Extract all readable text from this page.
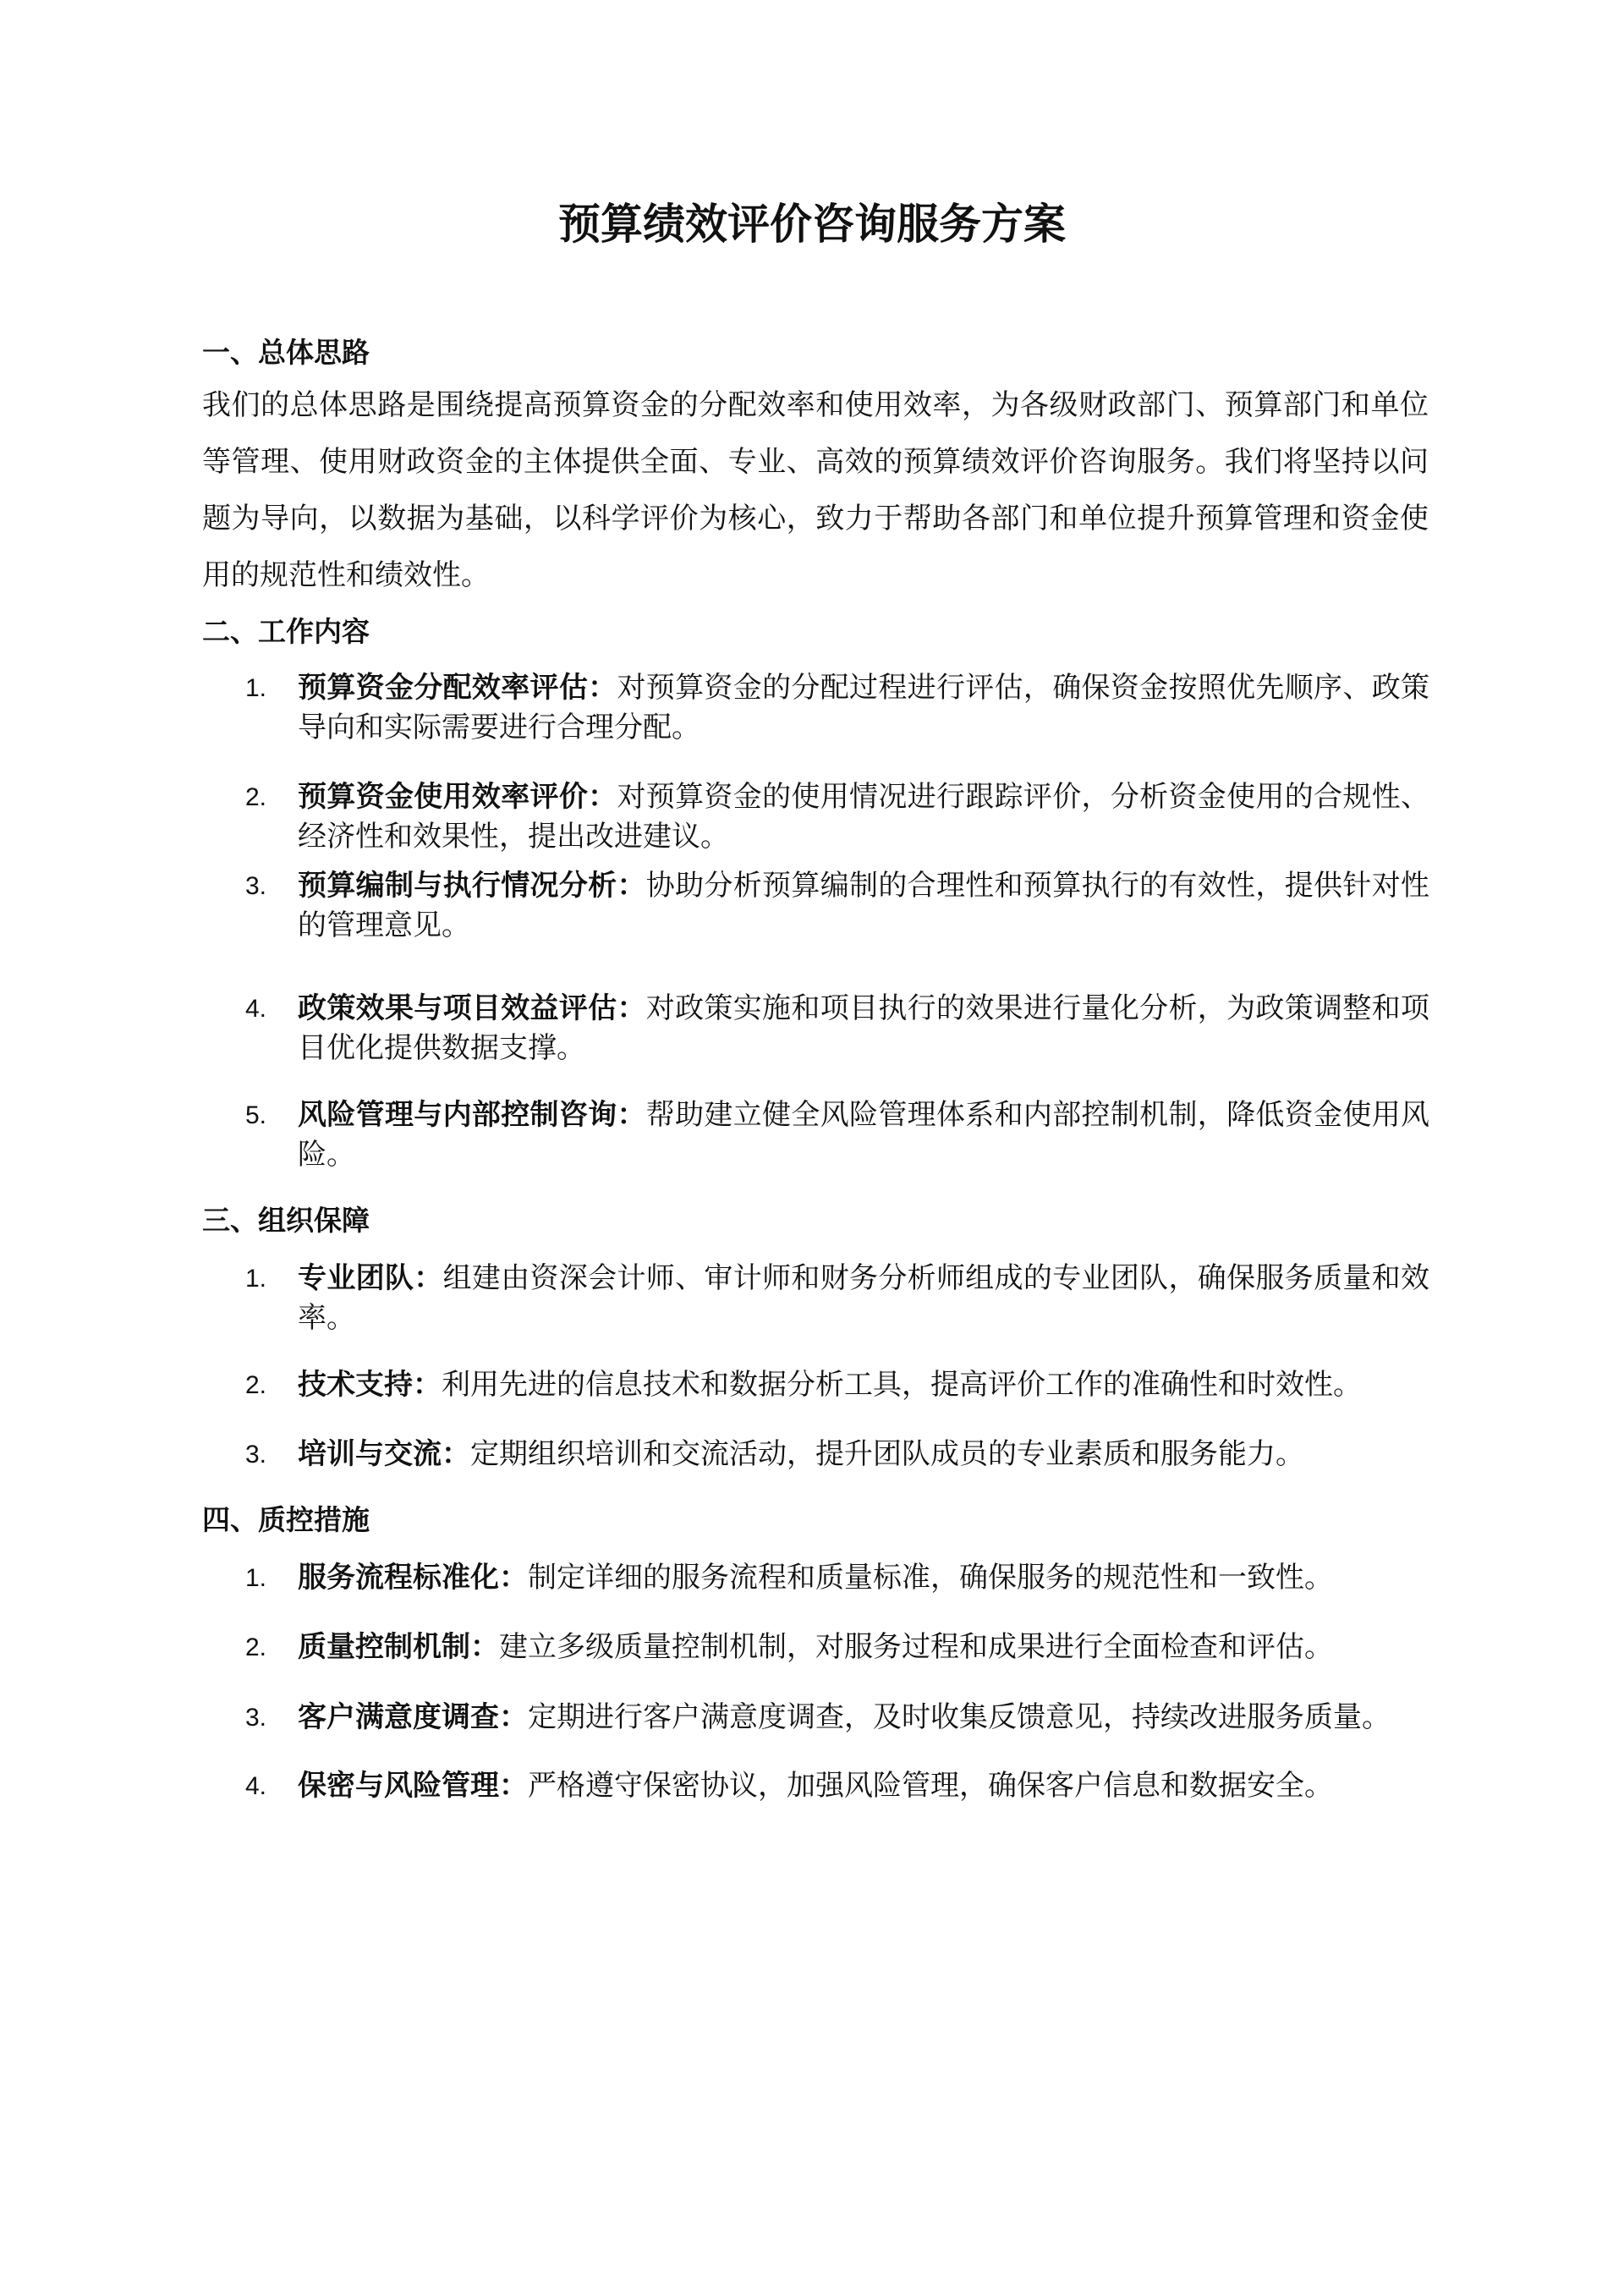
预算绩效评价咨询服务方案
一、总体思路
我们的总体思路是围绕提高预算资金的分配效率和使用效率，为各级财政部门、预算部门和单位等管理、使用财政资金的主体提供全面、专业、高效的预算绩效评价咨询服务。我们将坚持以问题为导向，以数据为基础，以科学评价为核心，致力于帮助各部门和单位提升预算管理和资金使用的规范性和绩效性。
二、工作内容
1.	预算资金分配效率评估：对预算资金的分配过程进行评估，确保资金按照优先顺序、政策导向和实际需要进行合理分配。
2.	预算资金使用效率评价：对预算资金的使用情况进行跟踪评价，分析资金使用的合规性、经济性和效果性，提出改进建议。
3.	预算编制与执行情况分析：协助分析预算编制的合理性和预算执行的有效性，提供针对性的管理意见。
4.	政策效果与项目效益评估：对政策实施和项目执行的效果进行量化分析，为政策调整和项目优化提供数据支撑。
5.	风险管理与内部控制咨询：帮助建立健全风险管理体系和内部控制机制，降低资金使用风险。
三、组织保障
1.	专业团队：组建由资深会计师、审计师和财务分析师组成的专业团队，确保服务质量和效率。
2.	技术支持：利用先进的信息技术和数据分析工具，提高评价工作的准确性和时效性。
3.	培训与交流：定期组织培训和交流活动，提升团队成员的专业素质和服务能力。
四、质控措施
1.	服务流程标准化：制定详细的服务流程和质量标准，确保服务的规范性和一致性。
2.	质量控制机制：建立多级质量控制机制，对服务过程和成果进行全面检查和评估。
3.	客户满意度调查：定期进行客户满意度调查，及时收集反馈意见，持续改进服务质量。
4.	保密与风险管理：严格遵守保密协议，加强风险管理，确保客户信息和数据安全。
